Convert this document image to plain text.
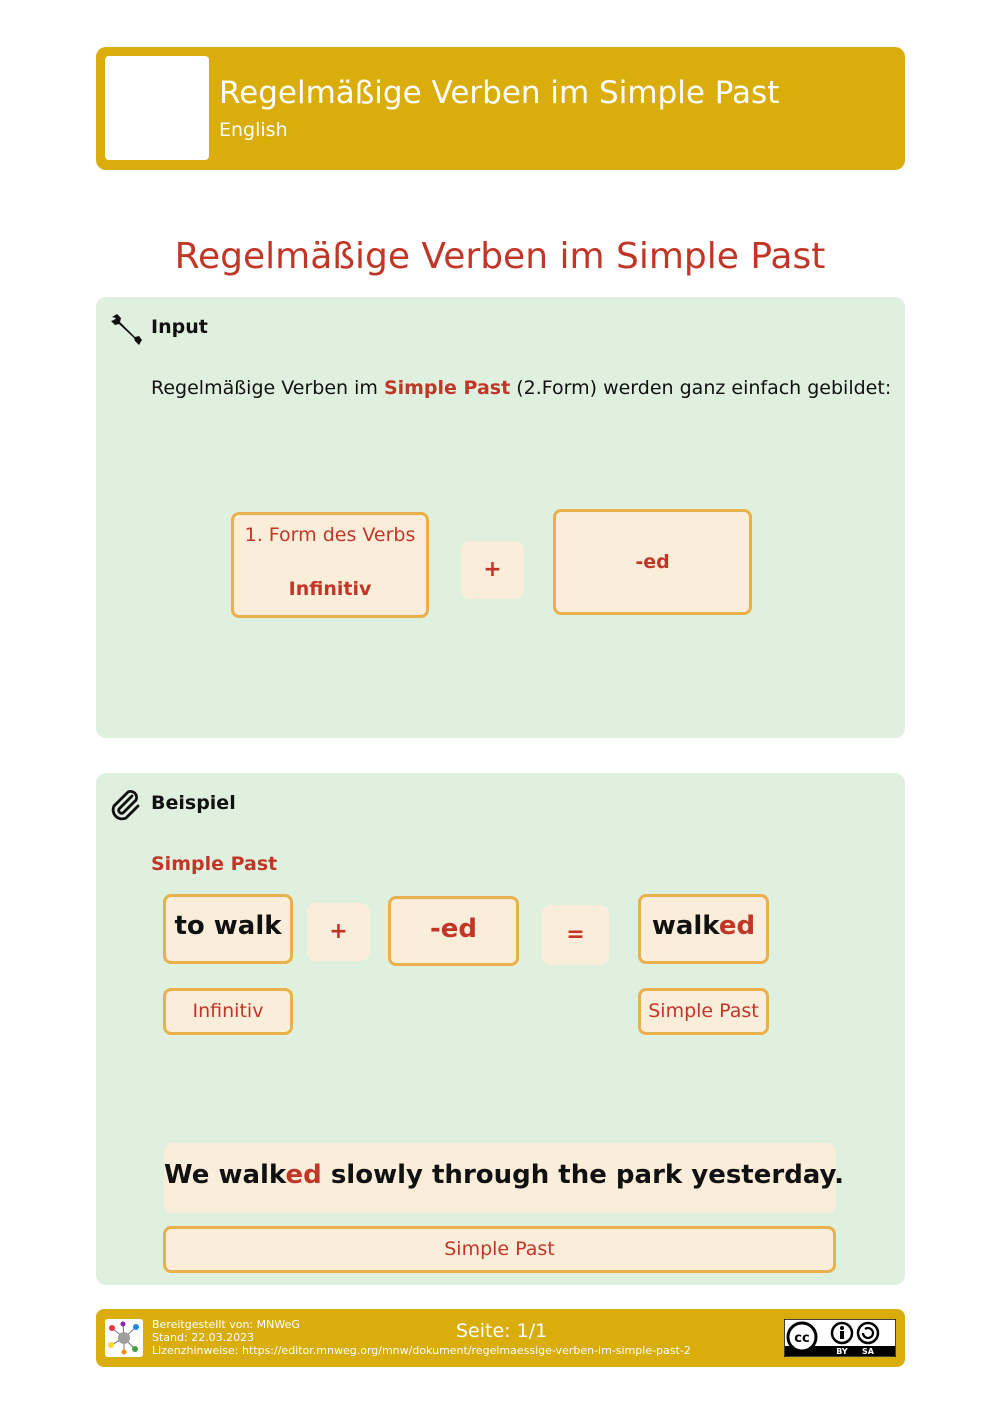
Regelmäßige Verben im Simple Past
English
Regelmäßige Verben im Simple Past
Input
Regelmäßige Verben im Simple Past (2.Form) werden ganz einfach gebildet:
1. Form des Verbs
Infinitiv
+	-ed
Beispiel
Simple Past
to walk	+	-ed	=	walked
Infinitiv	Simple Past
We walked slowly through the park yesterday.
Simple Past
Bereitgestellt von: MNWeG
Stand: 22.03.2023
Lizenzhinweise: https://editor.mnweg.org/mnw/dokument/regelmaessige-verben-im-simple-past-2
Seite: 1/1	cc
BY SA
